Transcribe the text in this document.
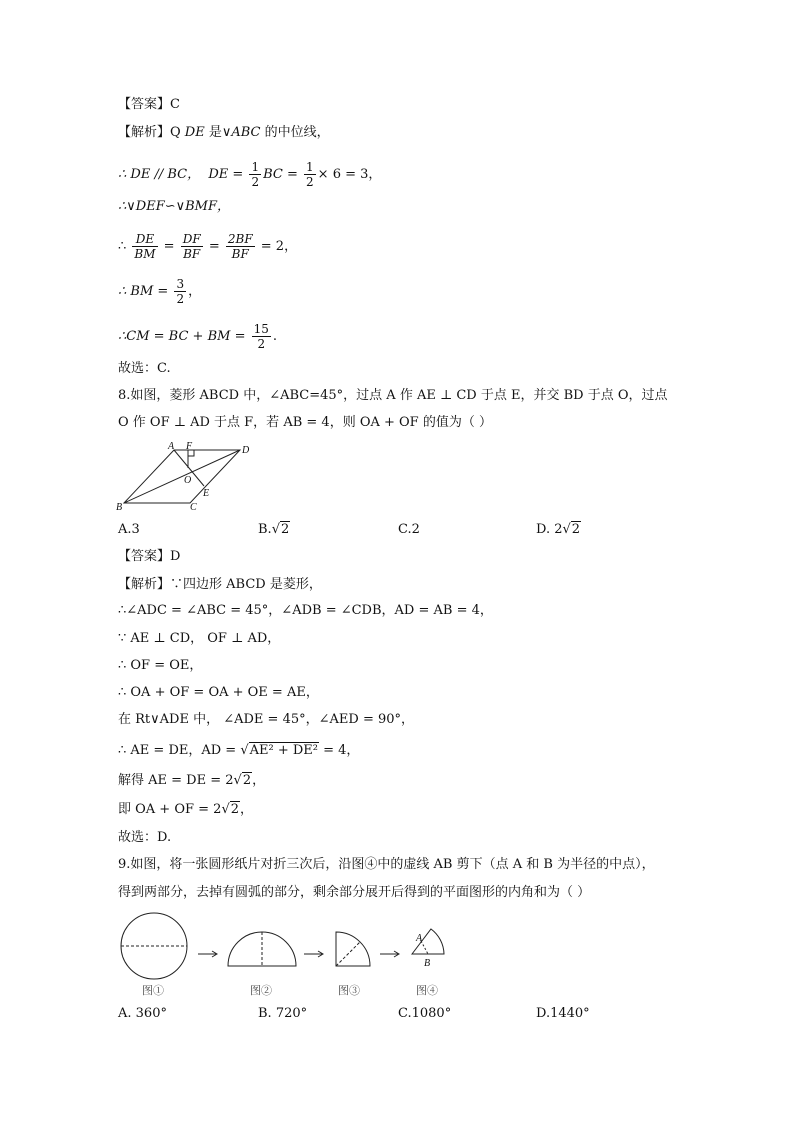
【答案】C
【解析】Q DE 是∨ABC 的中位线，
∴ DE // BC， DE = $\frac{1}{2}$ BC = $\frac{1}{2} \times 6 = 3$，
∴∨DEF∽∨BMF，
∴ $\frac{DE}{BM} = \frac{DF}{BF} = \frac{2BF}{BF} = 2$，
∴ BM = $\frac{3}{2}$ ，
∴CM = BC + BM = $\frac{15}{2}$ .
故选：C.
8.如图，菱形 ABCD 中，∠ABC=45°，过点 A 作 AE ⊥ CD 于点 E，并交 BD 于点 O，过点
O 作 OF ⊥ AD 于点 F，若 AB = 4，则 OA + OF 的值为（ ）
A F	D
O
E
B	C
A.3	B.√2	C.2	D. 2√2
【答案】D
【解析】∵四边形 ABCD 是菱形，
∴∠ADC = ∠ABC = 45°，∠ADB = ∠CDB，AD = AB = 4，
∵ AE ⊥ CD， OF ⊥ AD，
∴ OF = OE，
∴ OA + OF = OA + OE = AE，
在 Rt∨ADE 中， ∠ADE = 45°，∠AED = 90°，
∴ AE = DE，AD = √AE² + DE² = 4，
解得 AE = DE = 2√2，
即 OA + OF = 2√2，
故选：D.
9.如图，将一张圆形纸片对折三次后，沿图④中的虚线 AB 剪下（点 A 和 B 为半径的中点），
得到两部分，去掉有圆弧的部分，剩余部分展开后得到的平面图形的内角和为（ ）
A
B
图①	图②	图③	图④
A. 360°	B. 720°	C.1080°	D.1440°
